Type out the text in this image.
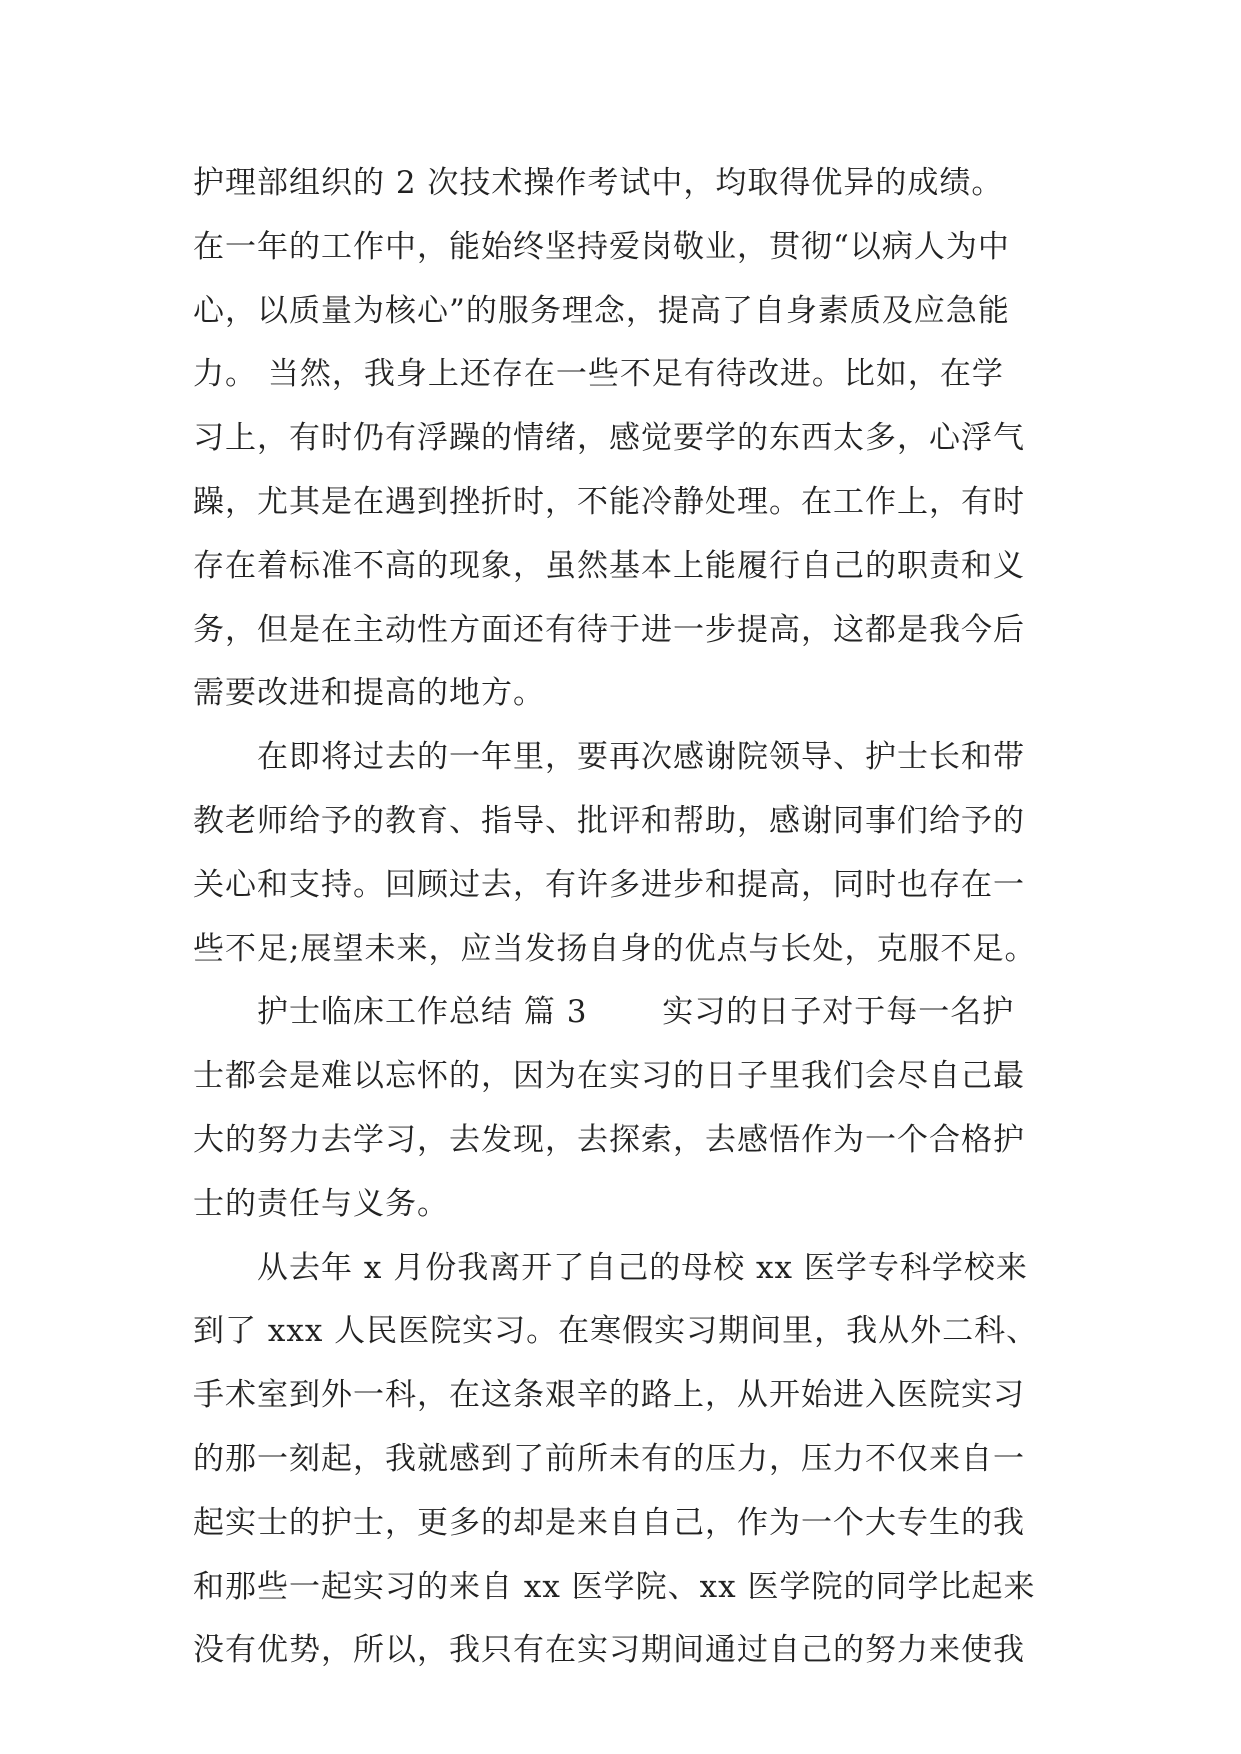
护理部组织的 2 次技术操作考试中，均取得优异的成绩。
在一年的工作中，能始终坚持爱岗敬业，贯彻“以病人为中
心，以质量为核心”的服务理念，提高了自身素质及应急能
力。 当然，我身上还存在一些不足有待改进。比如，在学
习上，有时仍有浮躁的情绪，感觉要学的东西太多，心浮气
躁，尤其是在遇到挫折时，不能冷静处理。在工作上，有时
存在着标准不高的现象，虽然基本上能履行自己的职责和义
务，但是在主动性方面还有待于进一步提高，这都是我今后
需要改进和提高的地方。
　　在即将过去的一年里，要再次感谢院领导、护士长和带
教老师给予的教育、指导、批评和帮助，感谢同事们给予的
关心和支持。回顾过去，有许多进步和提高，同时也存在一
些不足;展望未来，应当发扬自身的优点与长处，克服不足。
　　护士临床工作总结 篇 3　　 实习的日子对于每一名护
士都会是难以忘怀的，因为在实习的日子里我们会尽自己最
大的努力去学习，去发现，去探索，去感悟作为一个合格护
士的责任与义务。
　　从去年 x 月份我离开了自己的母校 xx 医学专科学校来
到了 xxx 人民医院实习。在寒假实习期间里，我从外二科、
手术室到外一科，在这条艰辛的路上，从开始进入医院实习
的那一刻起，我就感到了前所未有的压力，压力不仅来自一
起实士的护士，更多的却是来自自己，作为一个大专生的我
和那些一起实习的来自 xx 医学院、xx 医学院的同学比起来
没有优势，所以，我只有在实习期间通过自己的努力来使我
